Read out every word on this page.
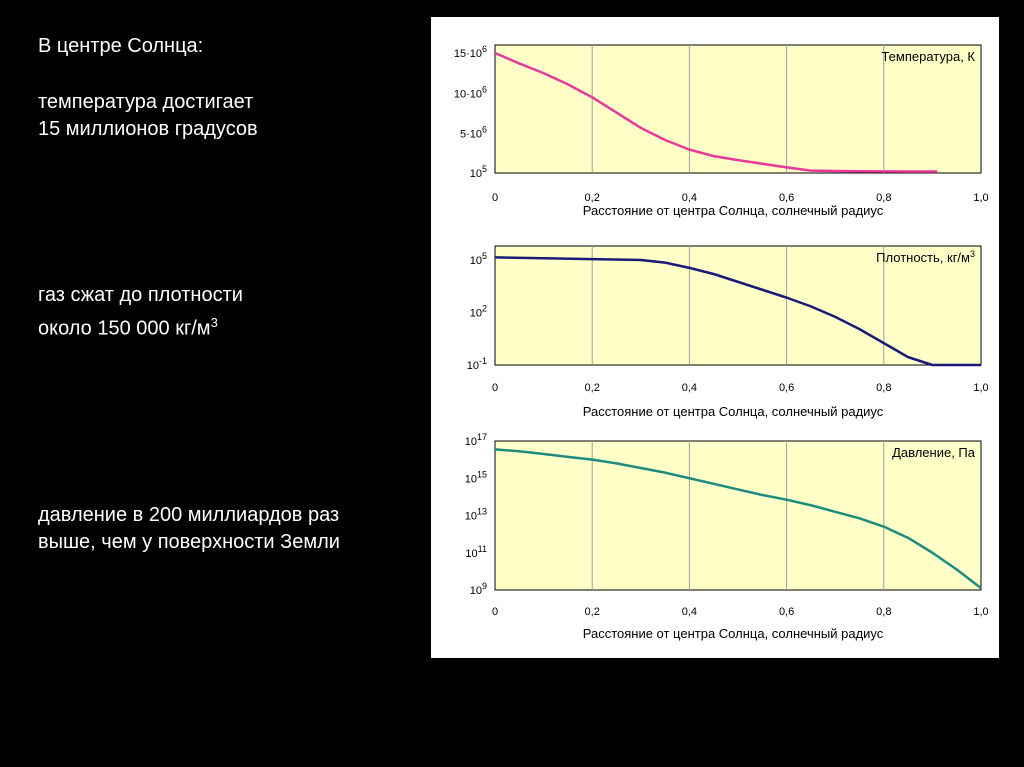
В центре Солнца:
температура достигает
15 миллионов градусов
газ сжат до плотности
около 150 000 $кг/м^3$
давление в 200 миллиардов раз
выше, чем у поверхности Земли
0	0,2	0,4	0,6	0,8	1,0
$15\cdot 10^6$
$10\cdot 10^6$
$5\cdot 10^6$
$10^5$
Температура, К
Расстояние от центра Солнца, солнечный радиус
0	0,2	0,4	0,6	0,8	1,0
$10^5$
$10^2$
$10^{-1}$
Плотность, $кг/м^3$
Расстояние от центра Солнца, солнечный радиус
0	0,2	0,4	0,6	0,8	1,0
$10^{17}$
$10^{15}$
$10^{13}$
$10^{11}$
$10^9$
Давление, Па
Расстояние от центра Солнца, солнечный радиус
